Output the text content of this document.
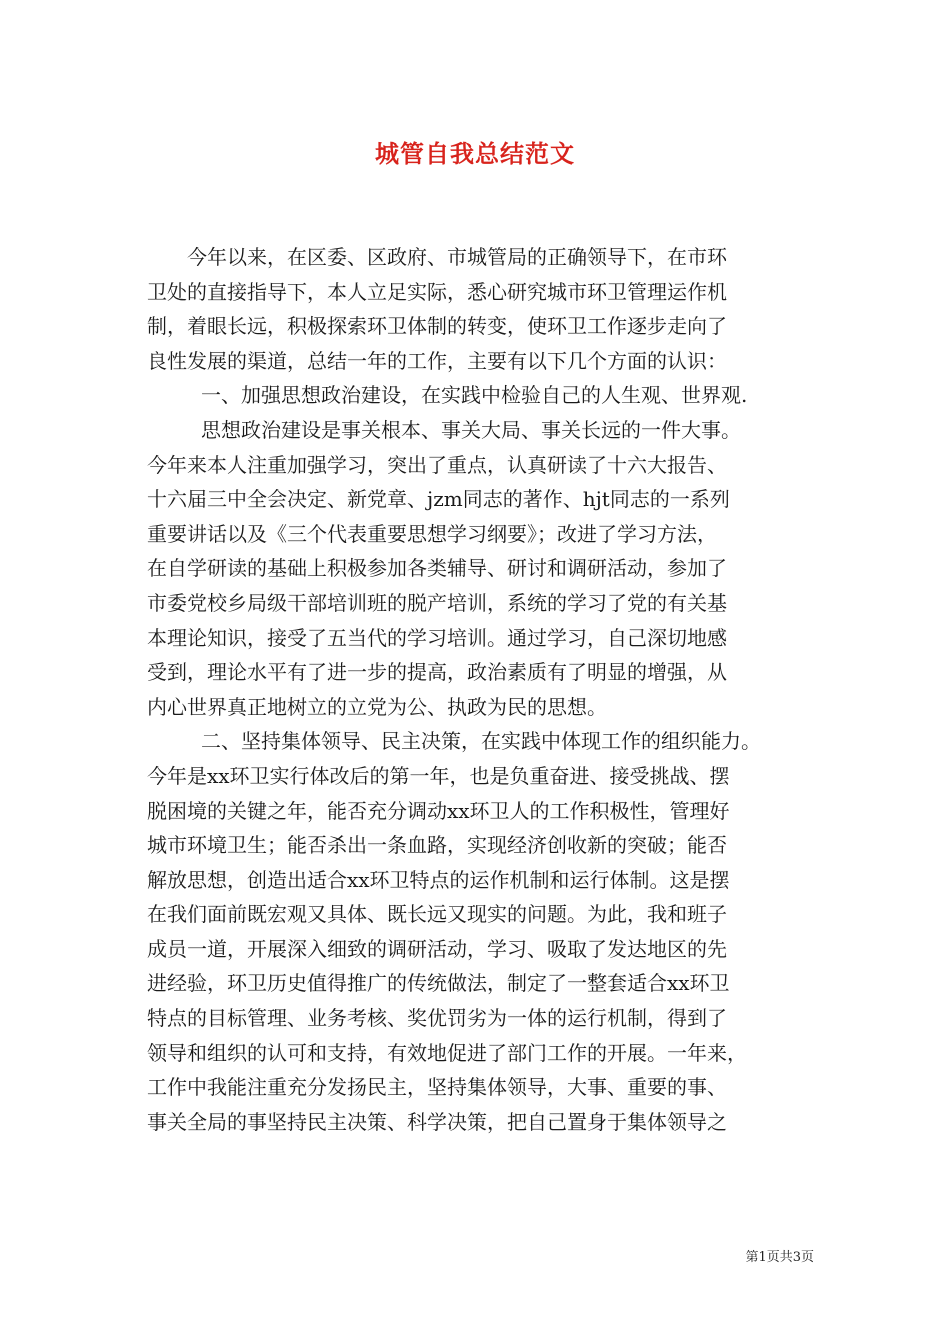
城管自我总结范文

今年以来，在区委、区政府、市城管局的正确领导下，在市环

卫处的直接指导下，本人立足实际，悉心研究城市环卫管理运作机

制，着眼长远，积极探索环卫体制的转变，使环卫工作逐步走向了

良性发展的渠道，总结一年的工作，主要有以下几个方面的认识：

一、加强思想政治建设，在实践中检验自己的人生观、世界观.

思想政治建设是事关根本、事关大局、事关长远的一件大事。

今年来本人注重加强学习，突出了重点，认真研读了十六大报告、

十六届三中全会决定、新党章、jzm同志的著作、hjt同志的一系列

重要讲话以及《三个代表重要思想学习纲要》；改进了学习方法，

在自学研读的基础上积极参加各类辅导、研讨和调研活动，参加了

市委党校乡局级干部培训班的脱产培训，系统的学习了党的有关基

本理论知识，接受了五当代的学习培训。通过学习，自己深切地感

受到，理论水平有了进一步的提高，政治素质有了明显的增强，从

内心世界真正地树立的立党为公、执政为民的思想。

二、坚持集体领导、民主决策，在实践中体现工作的组织能力。

今年是xx环卫实行体改后的第一年，也是负重奋进、接受挑战、摆

脱困境的关键之年，能否充分调动xx环卫人的工作积极性，管理好

城市环境卫生；能否杀出一条血路，实现经济创收新的突破；能否

解放思想，创造出适合xx环卫特点的运作机制和运行体制。这是摆

在我们面前既宏观又具体、既长远又现实的问题。为此，我和班子

成员一道，开展深入细致的调研活动，学习、吸取了发达地区的先

进经验，环卫历史值得推广的传统做法，制定了一整套适合xx环卫

特点的目标管理、业务考核、奖优罚劣为一体的运行机制，得到了

领导和组织的认可和支持，有效地促进了部门工作的开展。一年来，

工作中我能注重充分发扬民主，坚持集体领导，大事、重要的事、

事关全局的事坚持民主决策、科学决策，把自己置身于集体领导之

第1页共3页
